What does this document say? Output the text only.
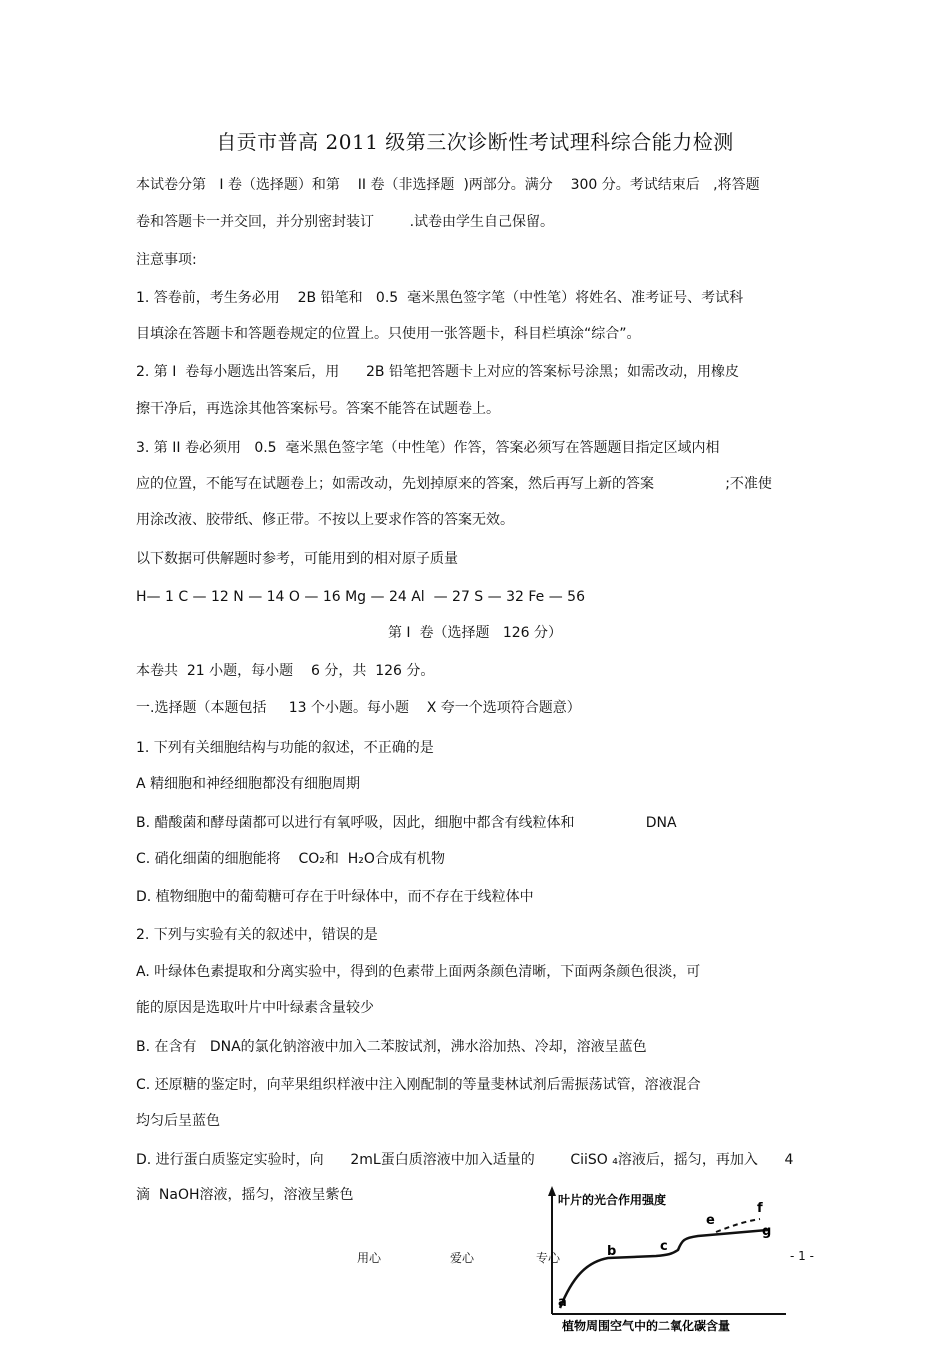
自贡市普高 2011 级第三次诊断性考试理科综合能力检测
本试卷分第   I 卷（选择题）和第    II 卷（非选择题  )两部分。满分    300 分。考试结束后   ,将答题
卷和答题卡一并交回，并分别密封装订        .试卷由学生自己保留。
注意事项:
1. 答卷前，考生务必用    2B 铅笔和   0.5  毫米黑色签字笔（中性笔）将姓名、准考证号、考试科
目填涂在答题卡和答题卷规定的位置上。只使用一张答题卡，科目栏填涂“综合”。
2. 第 I  卷每小题选出答案后，用      2B 铅笔把答题卡上对应的答案标号涂黑；如需改动，用橡皮
擦干净后，再选涂其他答案标号。答案不能答在试题卷上。
3. 第 II 卷必须用   0.5  毫米黑色签字笔（中性笔）作答，答案必须写在答题题目指定区域内相
应的位置，不能写在试题卷上；如需改动，先划掉原来的答案，然后再写上新的答案                ;不准使
用涂改液、胶带纸、修正带。不按以上要求作答的答案无效。
以下数据可供解题时参考，可能用到的相对原子质量
H— 1 C — 12 N — 14 O — 16 Mg — 24 Al  — 27 S — 32 Fe — 56
第 I  卷（选择题   126 分）
本卷共  21 小题，每小题    6 分，共  126 分。
一.选择题（本题包括     13 个小题。每小题    X 夸一个选项符合题意）
1. 下列有关细胞结构与功能的叙述，不正确的是
A 精细胞和神经细胞都没有细胞周期
B. 醋酸菌和酵母菌都可以进行有氧呼吸，因此，细胞中都含有线粒体和                DNA
C. 硝化细菌的细胞能将    CO₂和  H₂O合成有机物
D. 植物细胞中的葡萄糖可存在于叶绿体中，而不存在于线粒体中
2. 下列与实验有关的叙述中，错误的是
A. 叶绿体色素提取和分离实验中，得到的色素带上面两条颜色清晰，下面两条颜色很淡，可
能的原因是选取叶片中叶绿素含量较少
B. 在含有   DNA的氯化钠溶液中加入二苯胺试剂，沸水浴加热、冷却，溶液呈蓝色
C. 还原糖的鉴定时，向苹果组织样液中注入刚配制的等量斐林试剂后需振荡试管，溶液混合
均匀后呈蓝色
D. 进行蛋白质鉴定实验时，向      2mL蛋白质溶液中加入适量的        CiiSO ₄溶液后，摇匀，再加入      4
滴  NaOH溶液，摇匀，溶液呈紫色
用心	爱心	专心	- 1 -
叶片的光合作用强度
植物周围空气中的二氧化碳含量
a
b	c
e
f
g
